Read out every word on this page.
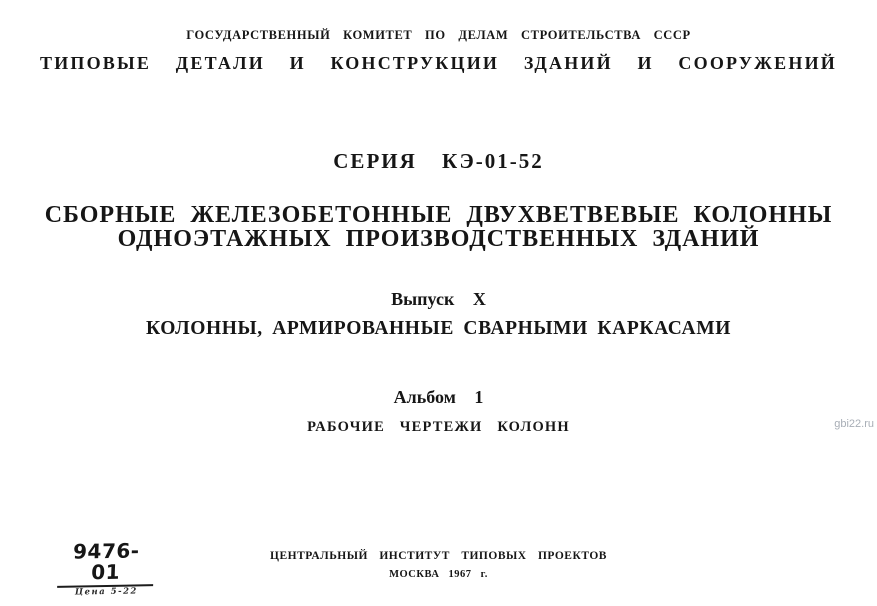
ГОСУДАРСТВЕННЫЙ КОМИТЕТ ПО ДЕЛАМ СТРОИТЕЛЬСТВА СССР
ТИПОВЫЕ ДЕТАЛИ И КОНСТРУКЦИИ ЗДАНИЙ И СООРУЖЕНИЙ
СЕРИЯ КЭ-01-52
СБОРНЫЕ ЖЕЛЕЗОБЕТОННЫЕ ДВУХВЕТВЕВЫЕ КОЛОННЫ
ОДНОЭТАЖНЫХ ПРОИЗВОДСТВЕННЫХ ЗДАНИЙ
Выпуск X
КОЛОННЫ, АРМИРОВАННЫЕ СВАРНЫМИ КАРКАСАМИ
Альбом 1
РАБОЧИЕ ЧЕРТЕЖИ КОЛОНН	gbi22.ru
9476-01
Цена 5-22
ЦЕНТРАЛЬНЫЙ ИНСТИТУТ ТИПОВЫХ ПРОЕКТОВ
МОСКВА 1967 г.
